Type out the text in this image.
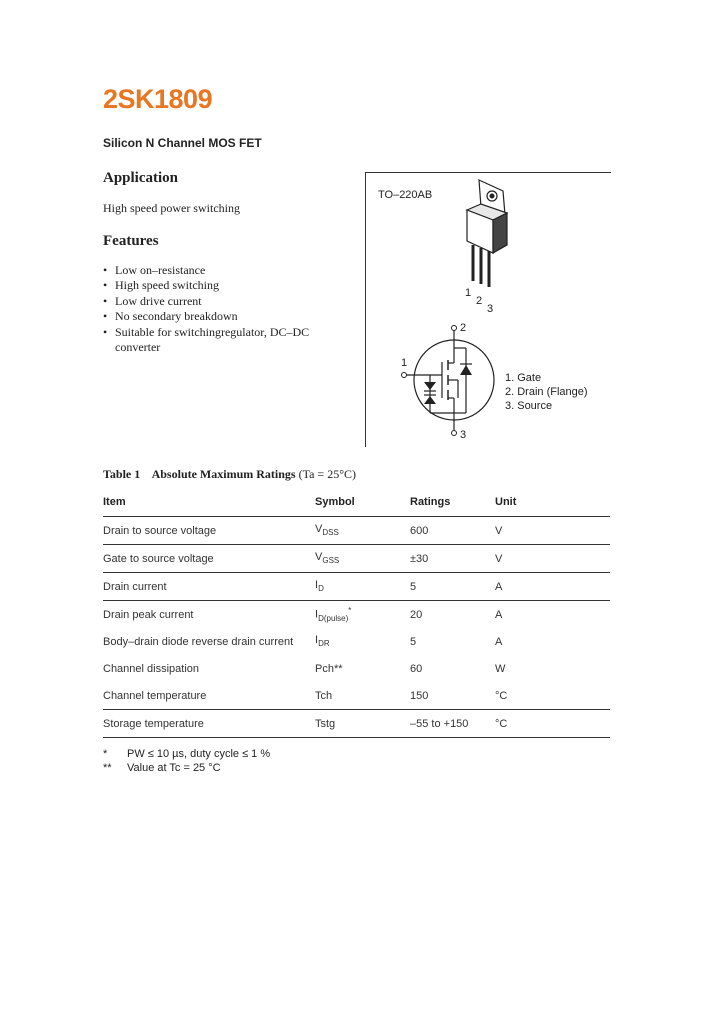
2SK1809
Silicon N Channel MOS FET
Application
High speed power switching
Features
• Low on–resistance
• High speed switching
• Low drive current
• No secondary breakdown
• Suitable for switchingregulator, DC–DC converter
TO–220AB
1
2
3
2
1
3
1. Gate
2. Drain (Flange)
3. Source
Table 1 Absolute Maximum Ratings (Ta = 25°C)
Item	Symbol	Ratings	Unit
Drain to source voltage	$V_{DSS}$	600	V
Gate to source voltage	$V_{GSS}$	±30	V
Drain current	$I_D$	5	A
Drain peak current	$I_{D(pulse)}^*$	20	A
Body–drain diode reverse drain current	$I_{DR}$	5	A
Channel dissipation	Pch**	60	W
Channel temperature	Tch	150	°C
Storage temperature	Tstg	–55 to +150	°C
* PW ≤ 10 µs, duty cycle ≤ 1 %
** Value at Tc = 25 °C
